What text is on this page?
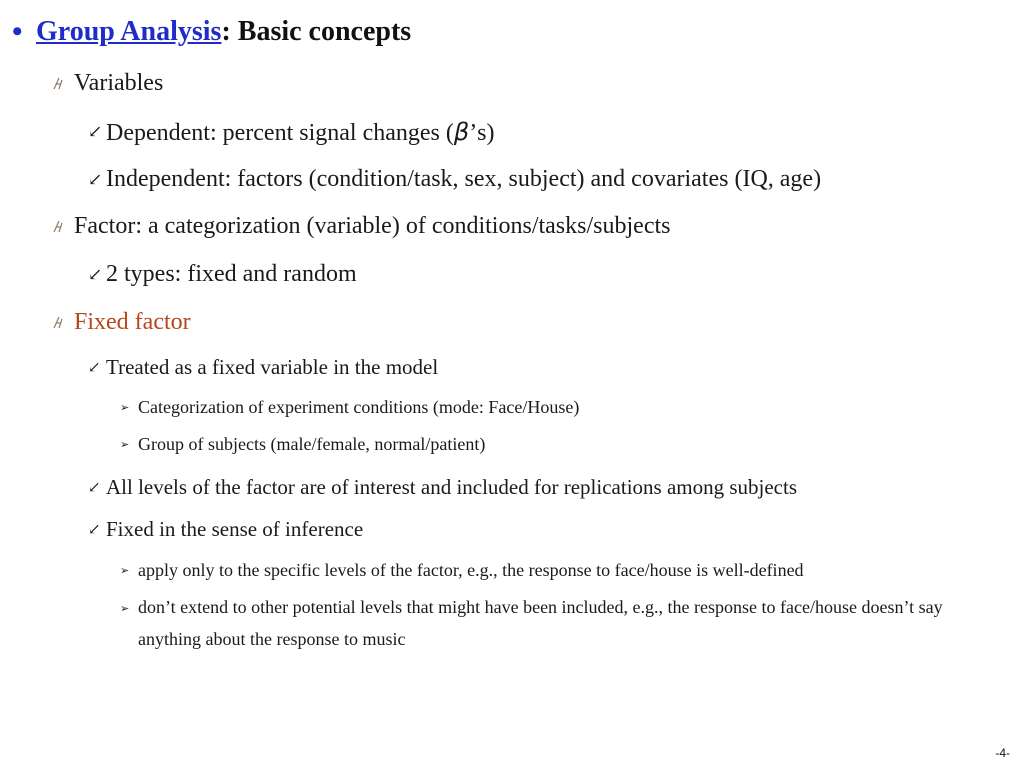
• Group Analysis : Basic concepts
Variables
↙ Dependent: percent signal changes (β’s)
↙ Independent: factors (condition/task, sex, subject) and covariates (IQ, age)
Factor: a categorization (variable) of conditions/tasks/subjects
↙ 2 types: fixed and random
Fixed factor
↙ Treated as a fixed variable in the model
➢ Categorization of experiment conditions (mode: Face/House)
➢ Group of subjects (male/female, normal/patient)
↙ All levels of the factor are of interest and included for replications among subjects
↙ Fixed in the sense of inference
➢ apply only to the specific levels of the factor, e.g., the response to face/house is well-defined
➢ don’t extend to other potential levels that might have been included, e.g., the response to face/house doesn’t say anything about the response to music
-4-
